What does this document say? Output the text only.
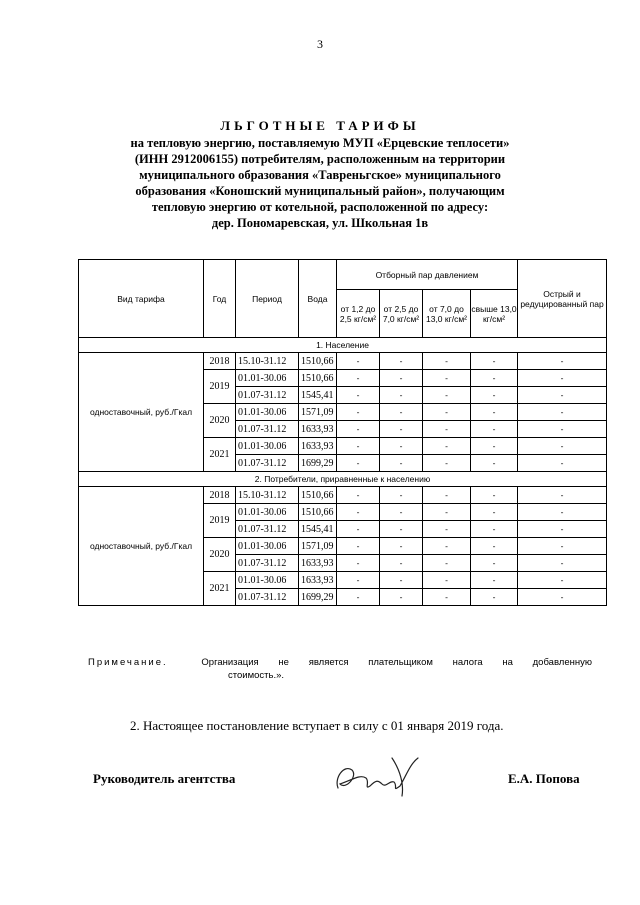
3
ЛЬГОТНЫЕ ТАРИФЫ
на тепловую энергию, поставляемую МУП «Ерцевские теплосети»
(ИНН 2912006155) потребителям, расположенным на территории
муниципального образования «Тавреньгское» муниципального
образования «Коношский муниципальный район», получающим
тепловую энергию от котельной, расположенной по адресу:
дер. Пономаревская, ул. Школьная 1в
Вид тарифа	Год	Период	Вода	Отборный пар давлением				Острый и редуцированный пар
				от 1,2 до 2,5 кг/см²	от 2,5 до 7,0 кг/см²	от 7,0 до 13,0 кг/см²	свыше 13,0 кг/см²	
1. Население								
одноставочный, руб./Гкал	2018	15.10-31.12	1510,66	-	-	-	-	-
	2019	01.01-30.06	1510,66	-	-	-	-	-
		01.07-31.12	1545,41	-	-	-	-	-
	2020	01.01-30.06	1571,09	-	-	-	-	-
		01.07-31.12	1633,93	-	-	-	-	-
	2021	01.01-30.06	1633,93	-	-	-	-	-
		01.07-31.12	1699,29	-	-	-	-	-
2. Потребители, приравненные к населению								
одноставочный, руб./Гкал	2018	15.10-31.12	1510,66	-	-	-	-	-
	2019	01.01-30.06	1510,66	-	-	-	-	-
		01.07-31.12	1545,41	-	-	-	-	-
	2020	01.01-30.06	1571,09	-	-	-	-	-
		01.07-31.12	1633,93	-	-	-	-	-
	2021	01.01-30.06	1633,93	-	-	-	-	-
		01.07-31.12	1699,29	-	-	-	-	-
Примечание.	Организация не является плательщиком налога на добавленную
стоимость.».
2. Настоящее постановление вступает в силу с 01 января 2019 года.
Руководитель агентства	Е.А. Попова
